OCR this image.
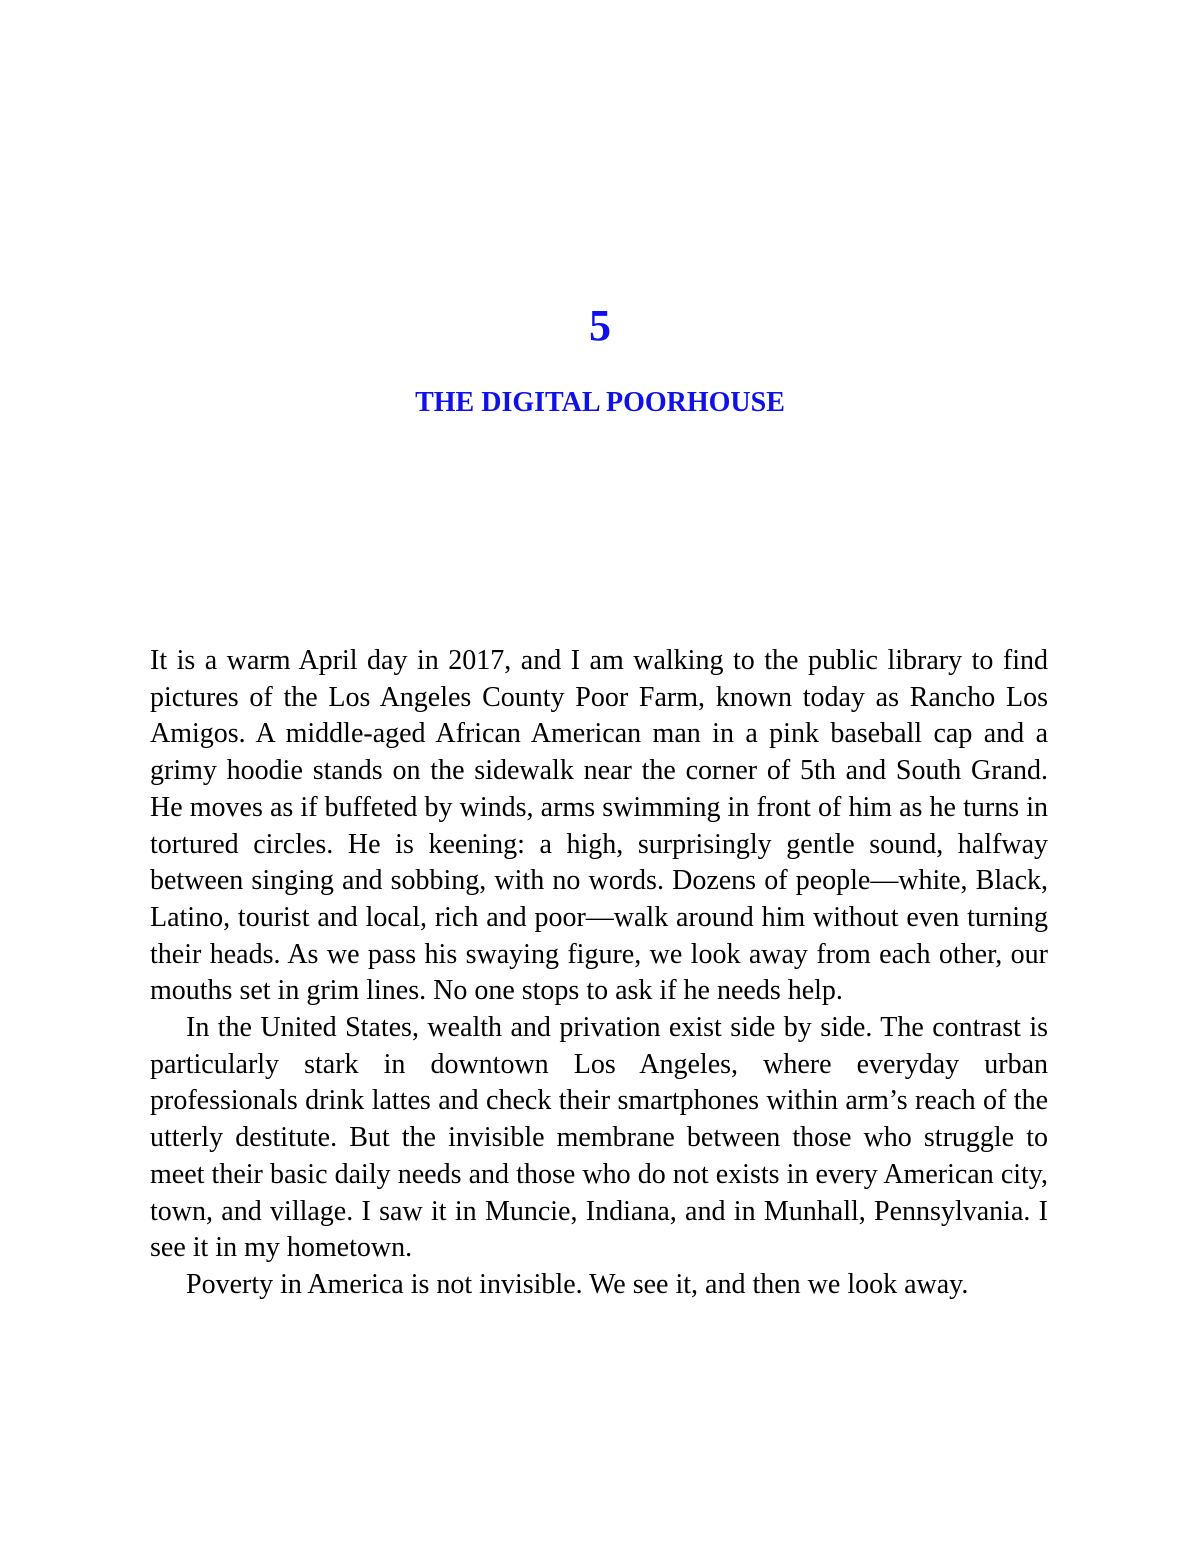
5
THE DIGITAL POORHOUSE

It is a warm April day in 2017, and I am walking to the public library to find pictures of the Los Angeles County Poor Farm, known today as Rancho Los Amigos. A middle-aged African American man in a pink baseball cap and a grimy hoodie stands on the sidewalk near the corner of 5th and South Grand. He moves as if buffeted by winds, arms swimming in front of him as he turns in tortured circles. He is keening: a high, surprisingly gentle sound, halfway between singing and sobbing, with no words. Dozens of people—white, Black, Latino, tourist and local, rich and poor—walk around him without even turning their heads. As we pass his swaying figure, we look away from each other, our mouths set in grim lines. No one stops to ask if he needs help.

In the United States, wealth and privation exist side by side. The contrast is particularly stark in downtown Los Angeles, where everyday urban professionals drink lattes and check their smartphones within arm’s reach of the utterly destitute. But the invisible membrane between those who struggle to meet their basic daily needs and those who do not exists in every American city, town, and village. I saw it in Muncie, Indiana, and in Munhall, Pennsylvania. I see it in my hometown.

Poverty in America is not invisible. We see it, and then we look away.
